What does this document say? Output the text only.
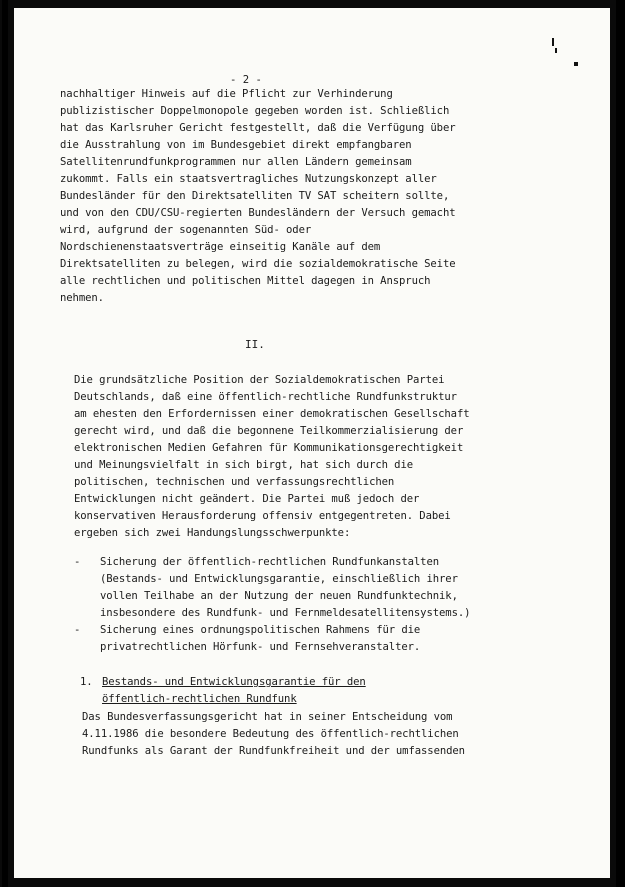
- 2 -

nachhaltiger Hinweis auf die Pflicht zur Verhinderung

publizistischer Doppelmonopole gegeben worden ist. Schließlich

hat das Karlsruher Gericht festgestellt, daß die Verfügung über

die Ausstrahlung von im Bundesgebiet direkt empfangbaren

Satellitenrundfunkprogrammen nur allen Ländern gemeinsam

zukommt. Falls ein staatsvertragliches Nutzungskonzept aller

Bundesländer für den Direktsatelliten TV SAT scheitern sollte,

und von den CDU/CSU-regierten Bundesländern der Versuch gemacht

wird, aufgrund der sogenannten Süd- oder

Nordschienenstaatsverträge einseitig Kanäle auf dem

Direktsatelliten zu belegen, wird die sozialdemokratische Seite

alle rechtlichen und politischen Mittel dagegen in Anspruch

nehmen.

II.

Die grundsätzliche Position der Sozialdemokratischen Partei

Deutschlands, daß eine öffentlich-rechtliche Rundfunkstruktur

am ehesten den Erfordernissen einer demokratischen Gesellschaft

gerecht wird, und daß die begonnene Teilkommerzialisierung der

elektronischen Medien Gefahren für Kommunikationsgerechtigkeit

und Meinungsvielfalt in sich birgt, hat sich durch die

politischen, technischen und verfassungsrechtlichen

Entwicklungen nicht geändert. Die Partei muß jedoch der

konservativen Herausforderung offensiv entgegentreten. Dabei

ergeben sich zwei Handungslungsschwerpunkte:

-

Sicherung der öffentlich-rechtlichen Rundfunkanstalten

(Bestands- und Entwicklungsgarantie, einschließlich ihrer

vollen Teilhabe an der Nutzung der neuen Rundfunktechnik,

insbesondere des Rundfunk- und Fernmeldesatellitensystems.)

-

Sicherung eines ordnungspolitischen Rahmens für die

privatrechtlichen Hörfunk- und Fernsehveranstalter.

1.

Bestands- und Entwicklungsgarantie für den

öffentlich-rechtlichen Rundfunk

Das Bundesverfassungsgericht hat in seiner Entscheidung vom

4.11.1986 die besondere Bedeutung des öffentlich-rechtlichen

Rundfunks als Garant der Rundfunkfreiheit und der umfassenden
